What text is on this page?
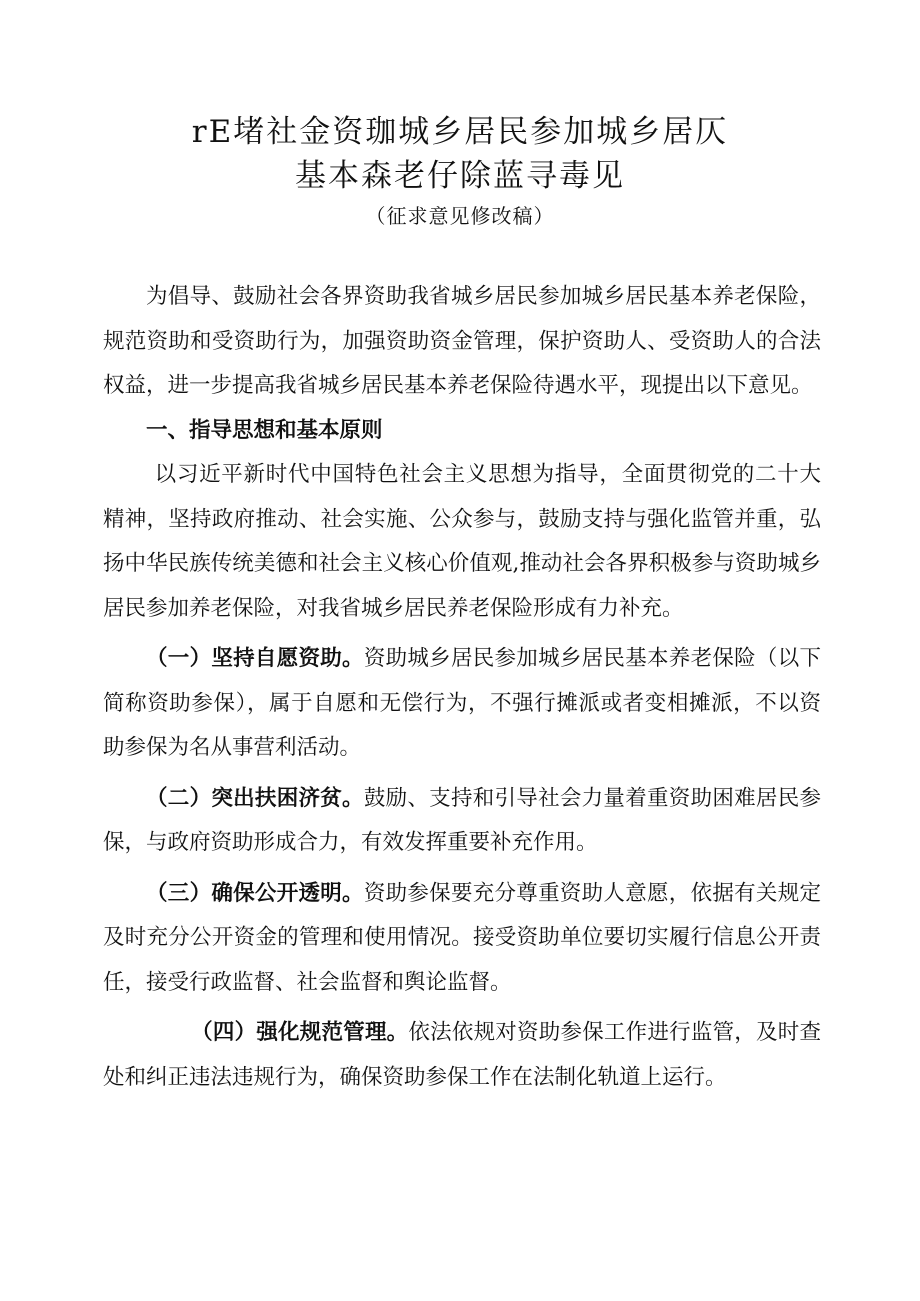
rE堵社金资珈城乡居民参加城乡居仄
基本森老仔除蓝寻毒见
（征求意见修改稿）

为倡导、鼓励社会各界资助我省城乡居民参加城乡居民基本养老保险，规范资助和受资助行为，加强资助资金管理，保护资助人、受资助人的合法权益，进一步提高我省城乡居民基本养老保险待遇水平，现提出以下意见。

一、指导思想和基本原则

以习近平新时代中国特色社会主义思想为指导，全面贯彻党的二十大精神，坚持政府推动、社会实施、公众参与，鼓励支持与强化监管并重，弘扬中华民族传统美德和社会主义核心价值观,推动社会各界积极参与资助城乡居民参加养老保险，对我省城乡居民养老保险形成有力补充。

（一）坚持自愿资助。资助城乡居民参加城乡居民基本养老保险（以下简称资助参保），属于自愿和无偿行为，不强行摊派或者变相摊派，不以资助参保为名从事营利活动。

（二）突出扶困济贫。鼓励、支持和引导社会力量着重资助困难居民参保，与政府资助形成合力，有效发挥重要补充作用。

（三）确保公开透明。资助参保要充分尊重资助人意愿，依据有关规定及时充分公开资金的管理和使用情况。接受资助单位要切实履行信息公开责任，接受行政监督、社会监督和舆论监督。

（四）强化规范管理。依法依规对资助参保工作进行监管，及时查处和纠正违法违规行为，确保资助参保工作在法制化轨道上运行。
